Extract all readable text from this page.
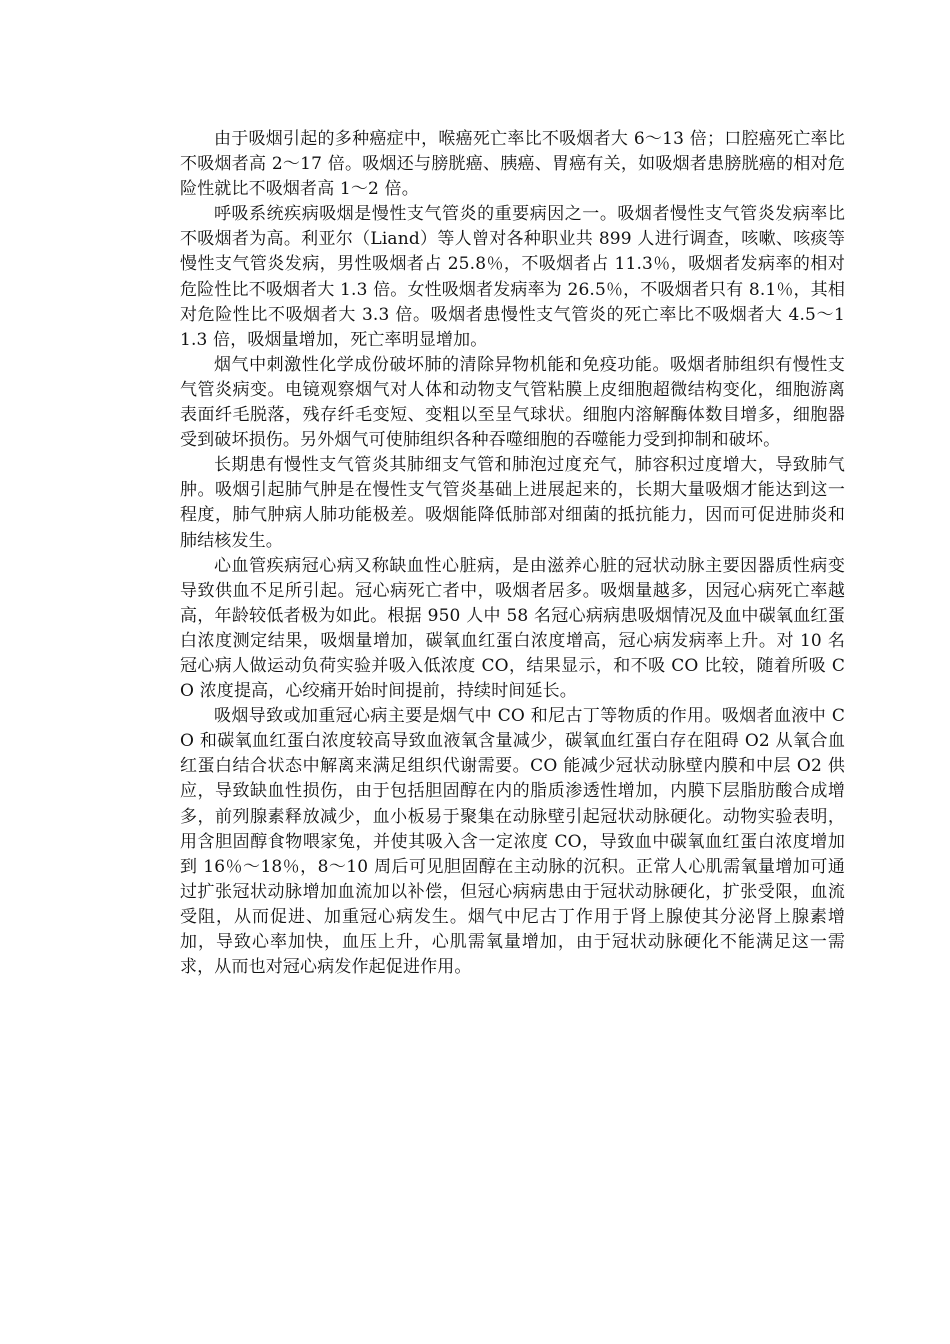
由于吸烟引起的多种癌症中，喉癌死亡率比不吸烟者大 6～13 倍；口腔癌死亡率比不吸烟者高 2～17 倍。吸烟还与膀胱癌、胰癌、胃癌有关，如吸烟者患膀胱癌的相对危险性就比不吸烟者高 1～2 倍。

呼吸系统疾病吸烟是慢性支气管炎的重要病因之一。吸烟者慢性支气管炎发病率比不吸烟者为高。利亚尔（Liand）等人曾对各种职业共 899 人进行调查，咳嗽、咳痰等慢性支气管炎发病，男性吸烟者占 25.8％，不吸烟者占 11.3％，吸烟者发病率的相对危险性比不吸烟者大 1.3 倍。女性吸烟者发病率为 26.5％，不吸烟者只有 8.1％，其相对危险性比不吸烟者大 3.3 倍。吸烟者患慢性支气管炎的死亡率比不吸烟者大 4.5～11.3 倍，吸烟量增加，死亡率明显增加。

烟气中刺激性化学成份破坏肺的清除异物机能和免疫功能。吸烟者肺组织有慢性支气管炎病变。电镜观察烟气对人体和动物支气管粘膜上皮细胞超微结构变化，细胞游离表面纤毛脱落，残存纤毛变短、变粗以至呈气球状。细胞内溶解酶体数目增多，细胞器受到破坏损伤。另外烟气可使肺组织各种吞噬细胞的吞噬能力受到抑制和破坏。

长期患有慢性支气管炎其肺细支气管和肺泡过度充气，肺容积过度增大，导致肺气肿。吸烟引起肺气肿是在慢性支气管炎基础上进展起来的，长期大量吸烟才能达到这一程度，肺气肿病人肺功能极差。吸烟能降低肺部对细菌的抵抗能力，因而可促进肺炎和肺结核发生。

心血管疾病冠心病又称缺血性心脏病，是由滋养心脏的冠状动脉主要因器质性病变导致供血不足所引起。冠心病死亡者中，吸烟者居多。吸烟量越多，因冠心病死亡率越高，年龄较低者极为如此。根据 950 人中 58 名冠心病病患吸烟情况及血中碳氧血红蛋白浓度测定结果，吸烟量增加，碳氧血红蛋白浓度增高，冠心病发病率上升。对 10 名冠心病人做运动负荷实验并吸入低浓度 CO，结果显示，和不吸 CO 比较，随着所吸 CO 浓度提高，心绞痛开始时间提前，持续时间延长。

吸烟导致或加重冠心病主要是烟气中 CO 和尼古丁等物质的作用。吸烟者血液中 CO 和碳氧血红蛋白浓度较高导致血液氧含量减少，碳氧血红蛋白存在阻碍 O2 从氧合血红蛋白结合状态中解离来满足组织代谢需要。CO 能减少冠状动脉壁内膜和中层 O2 供应，导致缺血性损伤，由于包括胆固醇在内的脂质渗透性增加，内膜下层脂肪酸合成增多，前列腺素释放减少，血小板易于聚集在动脉壁引起冠状动脉硬化。动物实验表明，用含胆固醇食物喂家兔，并使其吸入含一定浓度 CO，导致血中碳氧血红蛋白浓度增加到 16％～18％，8～10 周后可见胆固醇在主动脉的沉积。正常人心肌需氧量增加可通过扩张冠状动脉增加血流加以补偿，但冠心病病患由于冠状动脉硬化，扩张受限，血流受阻，从而促进、加重冠心病发生。烟气中尼古丁作用于肾上腺使其分泌肾上腺素增加，导致心率加快，血压上升，心肌需氧量增加，由于冠状动脉硬化不能满足这一需求，从而也对冠心病发作起促进作用。
